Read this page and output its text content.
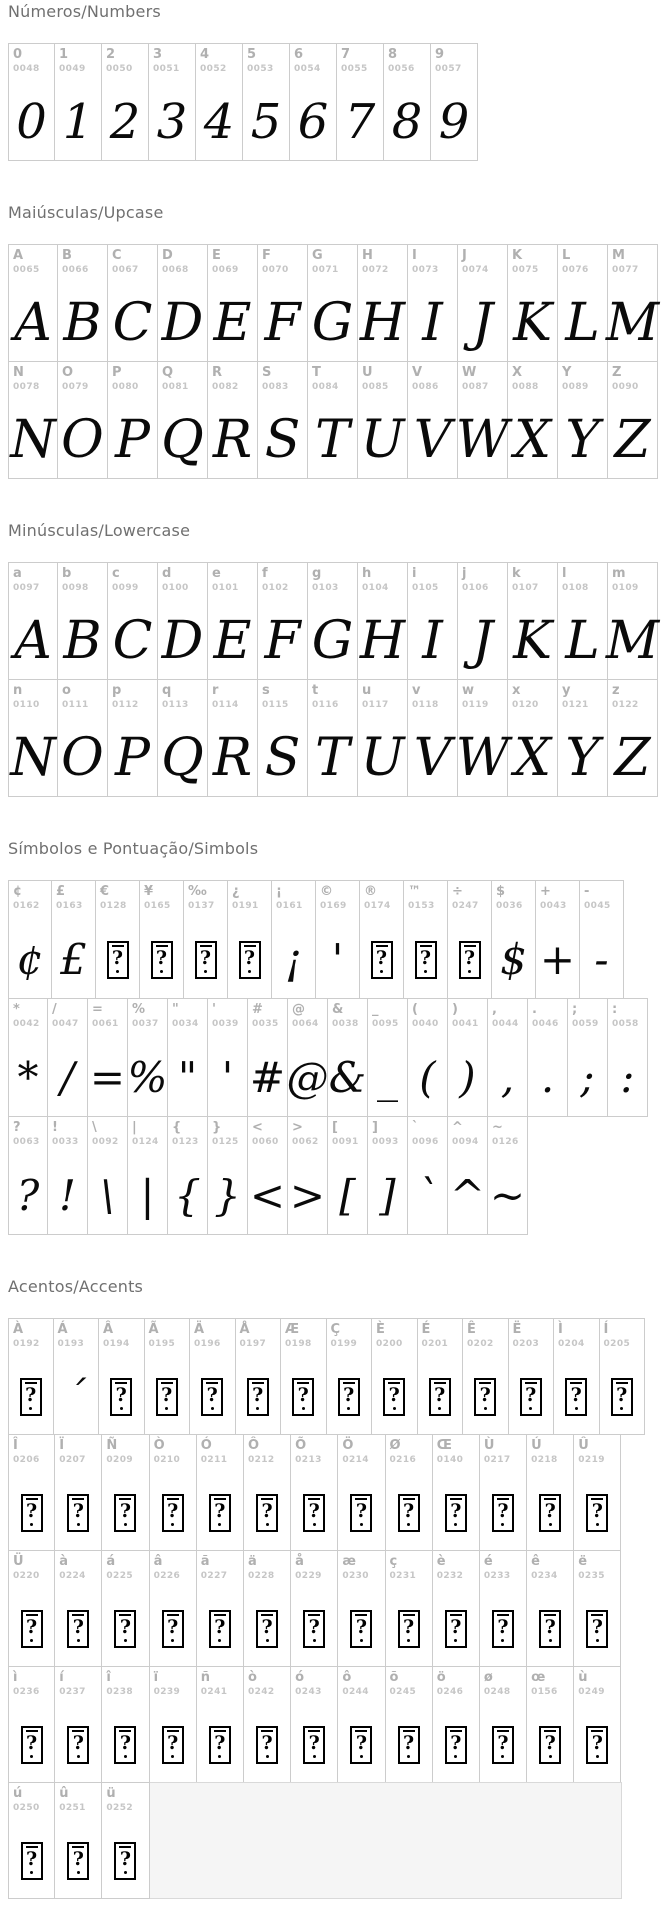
Números/Numbers
0
0048
0
1
0049
1
2
0050
2
3
0051
3
4
0052
4
5
0053
5
6
0054
6
7
0055
7
8
0056
8
9
0057
9
Maiúsculas/Upcase
A
0065
A
B
0066
B
C
0067
C
D
0068
D
E
0069
E
F
0070
F
G
0071
G
H
0072
H
I
0073
I
J
0074
J
K
0075
K
L
0076
L
M
0077
M
N
0078
N
O
0079
O
P
0080
P
Q
0081
Q
R
0082
R
S
0083
S
T
0084
T
U
0085
U
V
0086
V
W
0087
W
X
0088
X
Y
0089
Y
Z
0090
Z
Minúsculas/Lowercase
a
0097
A
b
0098
B
c
0099
C
d
0100
D
e
0101
E
f
0102
F
g
0103
G
h
0104
H
i
0105
I
j
0106
J
k
0107
K
l
0108
L
m
0109
M
n
0110
N
o
0111
O
p
0112
P
q
0113
Q
r
0114
R
s
0115
S
t
0116
T
u
0117
U
v
0118
V
w
0119
W
x
0120
X
y
0121
Y
z
0122
Z
Símbolos e Pontuação/Simbols
¢
0162
¢
£
0163
£
€
0128
?
¥
0165
?
‰
0137
?
¿
0191
?
¡
0161
¡
©
0169
'
®
0174
?
™
0153
?
÷
0247
?
$
0036
$
+
0043
+
-
0045
-
*
0042
*
/
0047
/
=
0061
=
%
0037
%
"
0034
"
'
0039
'
#
0035
#
@
0064
@
&
0038
&
_
0095
_
(
0040
(
)
0041
)
,
0044
,
.
0046
.
;
0059
;
:
0058
:
?
0063
?
!
0033
!
\
0092
\
|
0124
|
{
0123
{
}
0125
}
<
0060
<
>
0062
>
[
0091
[
]
0093
]
`
0096
`
^
0094
^
~
0126
~
Acentos/Accents
À
0192
?
Á
0193
´
Â
0194
?
Ã
0195
?
Ä
0196
?
Å
0197
?
Æ
0198
?
Ç
0199
?
È
0200
?
É
0201
?
Ê
0202
?
Ë
0203
?
Ì
0204
?
Í
0205
?
Î
0206
?
Ï
0207
?
Ñ
0209
?
Ò
0210
?
Ó
0211
?
Ô
0212
?
Õ
0213
?
Ö
0214
?
Ø
0216
?
Œ
0140
?
Ù
0217
?
Ú
0218
?
Û
0219
?
Ü
0220
?
à
0224
?
á
0225
?
â
0226
?
ã
0227
?
ä
0228
?
å
0229
?
æ
0230
?
ç
0231
?
è
0232
?
é
0233
?
ê
0234
?
ë
0235
?
ì
0236
?
í
0237
?
î
0238
?
ï
0239
?
ñ
0241
?
ò
0242
?
ó
0243
?
ô
0244
?
õ
0245
?
ö
0246
?
ø
0248
?
œ
0156
?
ù
0249
?
ú
0250
?
û
0251
?
ü
0252
?
